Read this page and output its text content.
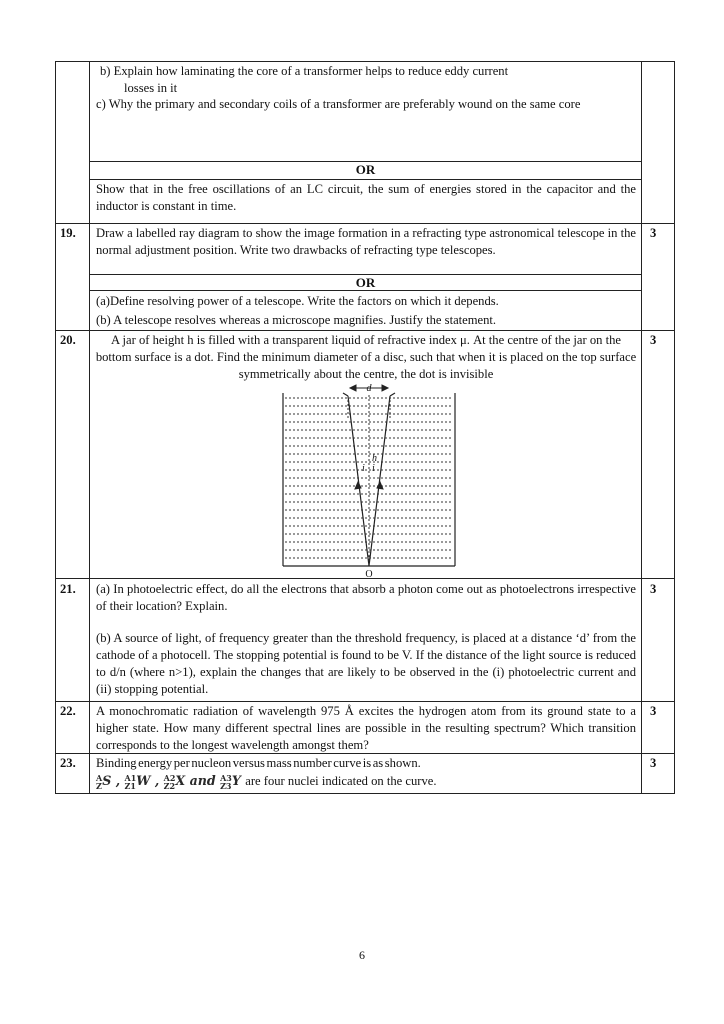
b) Explain how laminating the core of a transformer helps to reduce eddy current
losses in it
c) Why the primary and secondary coils of a transformer are preferably wound on the same core
OR
Show that in the free oscillations of an LC circuit, the sum of energies stored in the capacitor and the inductor is constant in time.
19. Draw a labelled ray diagram to show the image formation in a refracting type astronomical telescope in the normal adjustment position. Write two drawbacks of refracting type telescopes.
3
OR
(a)Define resolving power of a telescope. Write the factors on which it depends.
(b) A telescope resolves whereas a microscope magnifies. Justify the statement.
20.	A jar of height h is filled with a transparent liquid of refractive index μ. At the centre of the jar on the bottom surface is a dot. Find the minimum diameter of a disc, such that when it is placed on the top surface symmetrically about the centre, the dot is invisible
3
d
h
i i
O
21. (a) In photoelectric effect, do all the electrons that absorb a photon come out as photoelectrons irrespective of their location? Explain.
(b) A source of light, of frequency greater than the threshold frequency, is placed at a distance ‘d’ from the cathode of a photocell. The stopping potential is found to be V. If the distance of the light source is reduced to d/n (where n>1), explain the changes that are likely to be observed in the (i) photoelectric current and (ii) stopping potential.
3
22. A monochromatic radiation of wavelength 975 Å excites the hydrogen atom from its ground state to a higher state. How many different spectral lines are possible in the resulting spectrum? Which transition corresponds to the longest wavelength amongst them?
3
23. Binding energy per nucleon versus mass number curve is as shown.
A
Z S , A1
Z1 W , A2
Z2 X and A3
Z3 Y are four nuclei indicated on the curve.
3
6
